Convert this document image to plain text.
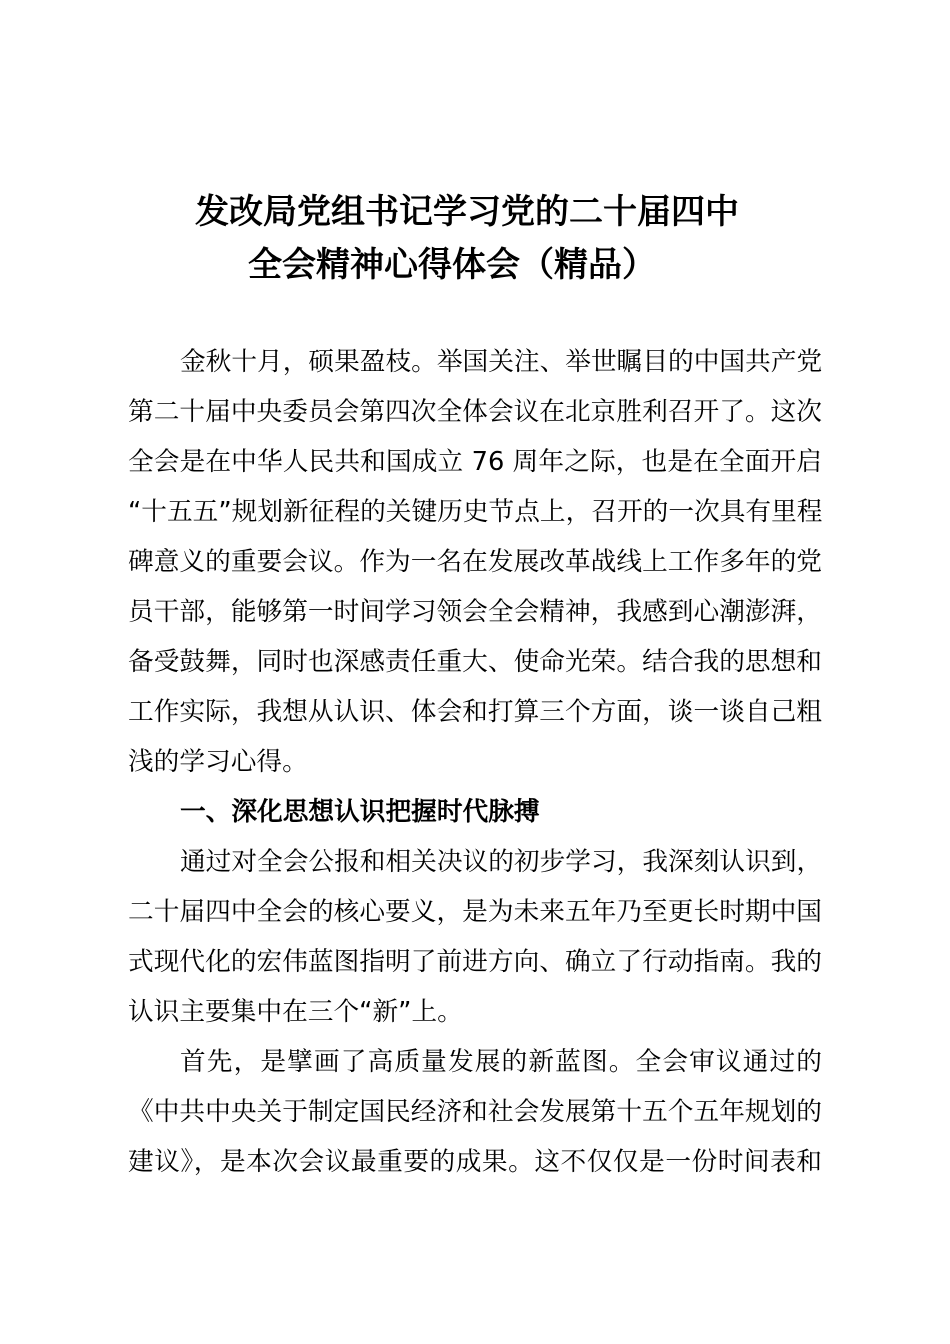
发改局党组书记学习党的二十届四中
全会精神心得体会（精品）
金秋十月，硕果盈枝。举国关注、举世瞩目的中国共产党
第二十届中央委员会第四次全体会议在北京胜利召开了。这次
全会是在中华人民共和国成立 76 周年之际，也是在全面开启
“十五五”规划新征程的关键历史节点上，召开的一次具有里程
碑意义的重要会议。作为一名在发展改革战线上工作多年的党
员干部，能够第一时间学习领会全会精神，我感到心潮澎湃，
备受鼓舞，同时也深感责任重大、使命光荣。结合我的思想和
工作实际，我想从认识、体会和打算三个方面，谈一谈自己粗
浅的学习心得。
一、深化思想认识把握时代脉搏
通过对全会公报和相关决议的初步学习，我深刻认识到，
二十届四中全会的核心要义，是为未来五年乃至更长时期中国
式现代化的宏伟蓝图指明了前进方向、确立了行动指南。我的
认识主要集中在三个“新”上。
首先，是擘画了高质量发展的新蓝图。全会审议通过的
《中共中央关于制定国民经济和社会发展第十五个五年规划的
建议》，是本次会议最重要的成果。这不仅仅是一份时间表和
